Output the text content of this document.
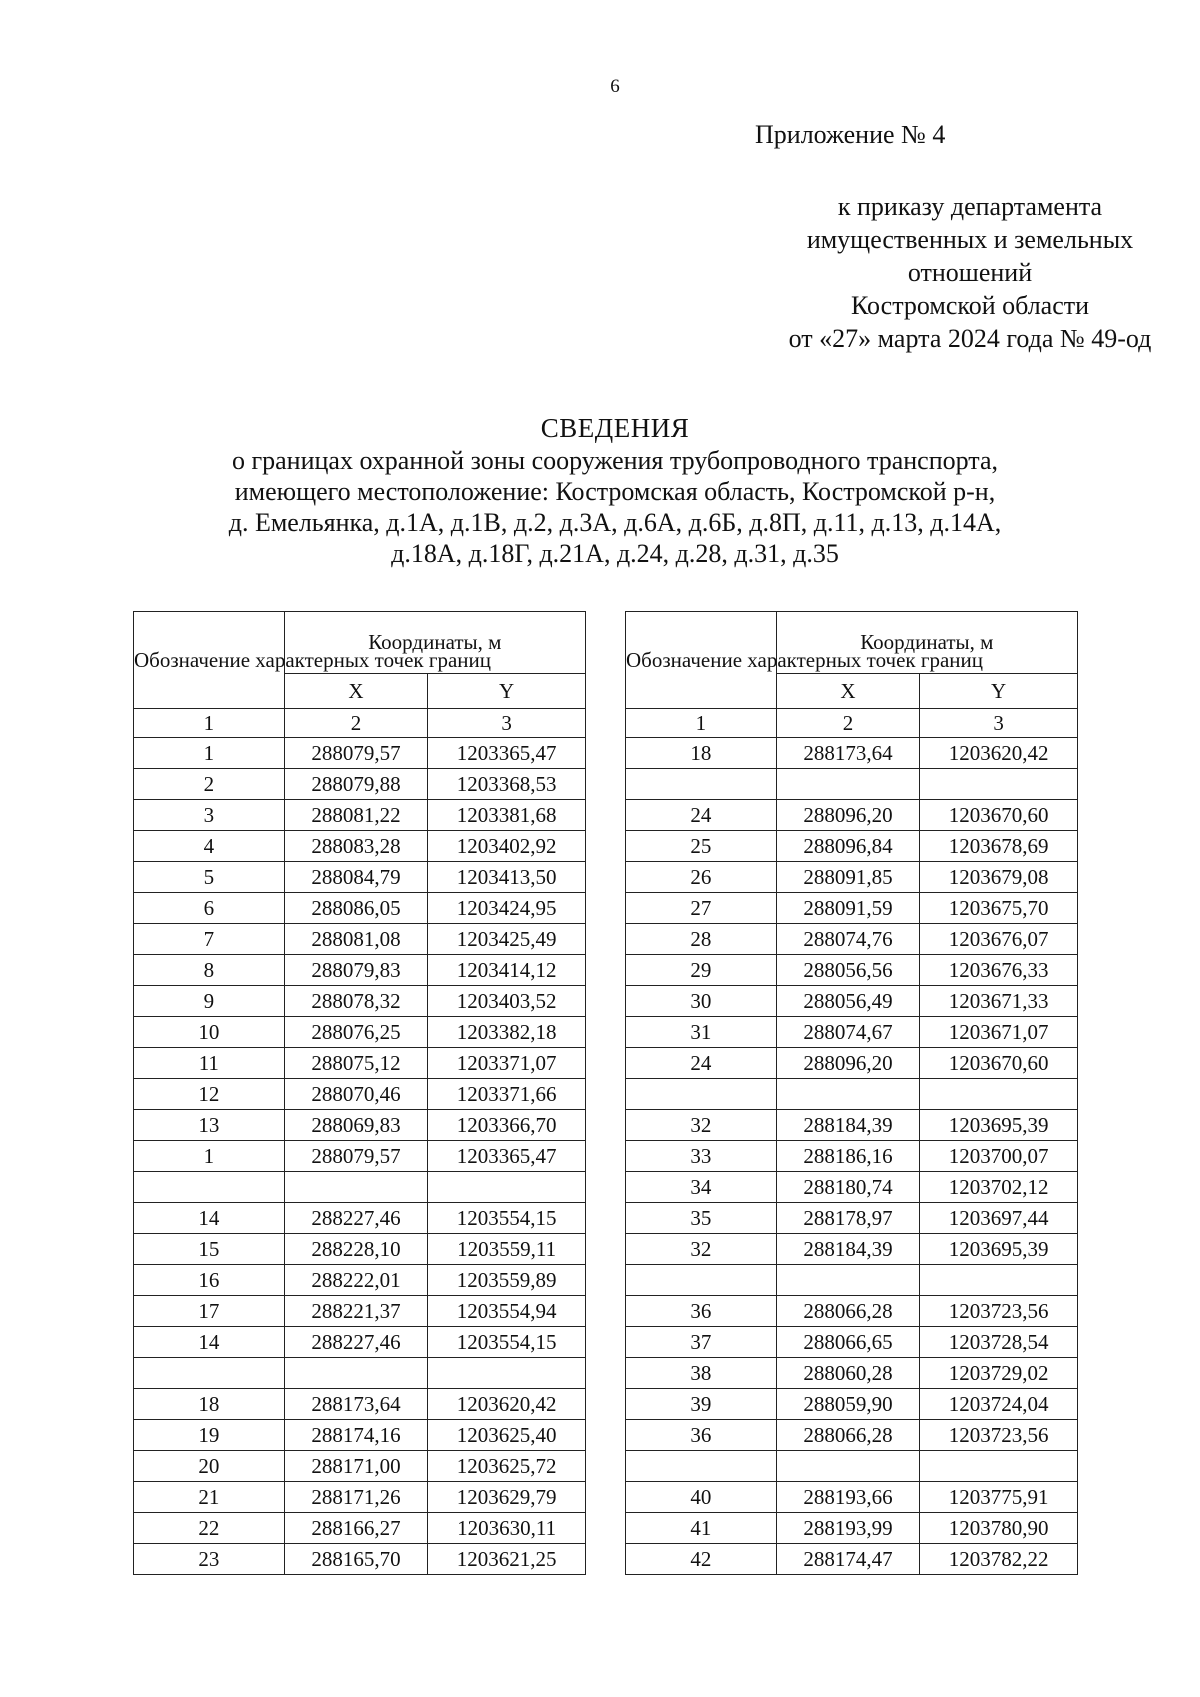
6
Приложение № 4
к приказу департамента
имущественных и земельных
отношений
Костромской области
от «27» марта 2024 года № 49-од
СВЕДЕНИЯ
о границах охранной зоны сооружения трубопроводного транспорта,
имеющего местоположение: Костромская область, Костромской р-н,
д. Емельянка, д.1А, д.1В, д.2, д.3А, д.6А, д.6Б, д.8П, д.11, д.13, д.14А,
д.18А, д.18Г, д.21А, д.24, д.28, д.31, д.35
Обозначение характерных точек границ	Координаты, м	
	X	Y
1	2	3
1	288079,57	1203365,47
2	288079,88	1203368,53
3	288081,22	1203381,68
4	288083,28	1203402,92
5	288084,79	1203413,50
6	288086,05	1203424,95
7	288081,08	1203425,49
8	288079,83	1203414,12
9	288078,32	1203403,52
10	288076,25	1203382,18
11	288075,12	1203371,07
12	288070,46	1203371,66
13	288069,83	1203366,70
1	288079,57	1203365,47

14	288227,46	1203554,15
15	288228,10	1203559,11
16	288222,01	1203559,89
17	288221,37	1203554,94
14	288227,46	1203554,15

18	288173,64	1203620,42
19	288174,16	1203625,40
20	288171,00	1203625,72
21	288171,26	1203629,79
22	288166,27	1203630,11
23	288165,70	1203621,25
Обозначение характерных точек границ	Координаты, м	
	X	Y
1	2	3
18	288173,64	1203620,42

24	288096,20	1203670,60
25	288096,84	1203678,69
26	288091,85	1203679,08
27	288091,59	1203675,70
28	288074,76	1203676,07
29	288056,56	1203676,33
30	288056,49	1203671,33
31	288074,67	1203671,07
24	288096,20	1203670,60

32	288184,39	1203695,39
33	288186,16	1203700,07
34	288180,74	1203702,12
35	288178,97	1203697,44
32	288184,39	1203695,39

36	288066,28	1203723,56
37	288066,65	1203728,54
38	288060,28	1203729,02
39	288059,90	1203724,04
36	288066,28	1203723,56

40	288193,66	1203775,91
41	288193,99	1203780,90
42	288174,47	1203782,22
